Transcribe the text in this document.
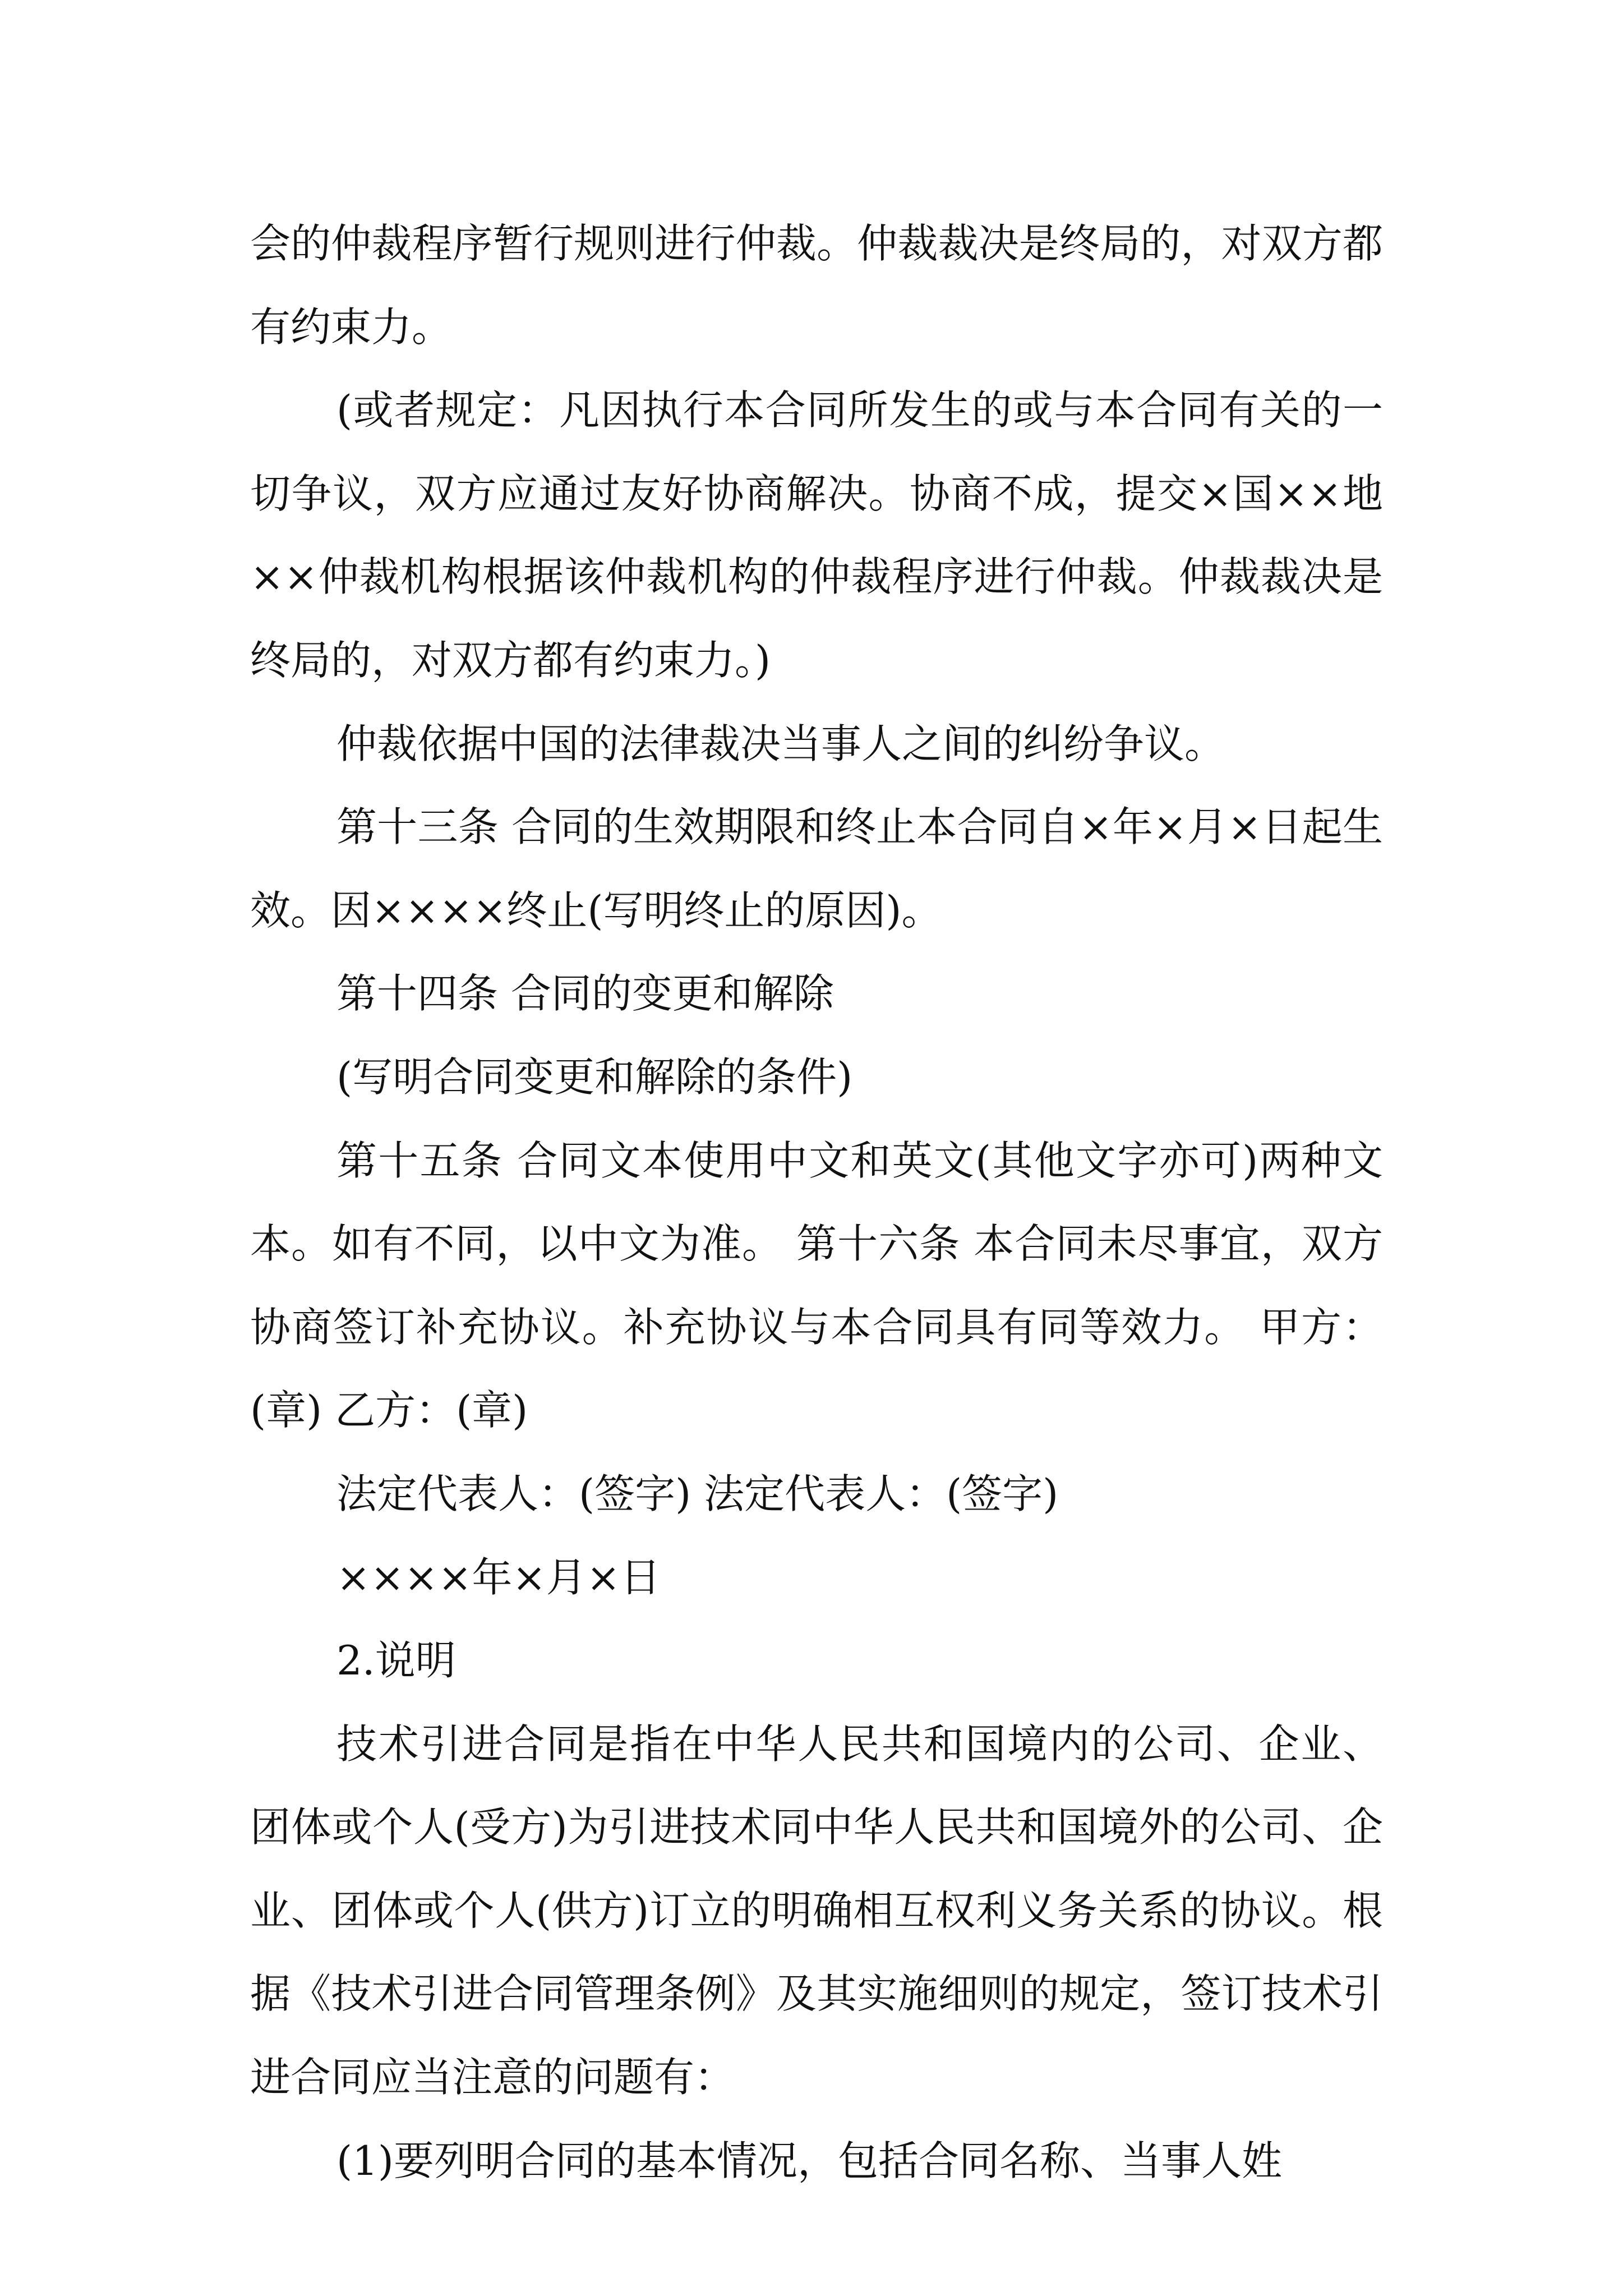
会的仲裁程序暂行规则进行仲裁。仲裁裁决是终局的，对双方都有约束力。

(或者规定：凡因执行本合同所发生的或与本合同有关的一切争议，双方应通过友好协商解决。协商不成，提交×国××地××仲裁机构根据该仲裁机构的仲裁程序进行仲裁。仲裁裁决是终局的，对双方都有约束力。)

仲裁依据中国的法律裁决当事人之间的纠纷争议。

第十三条 合同的生效期限和终止本合同自×年×月×日起生效。因××××终止(写明终止的原因)。

第十四条 合同的变更和解除

(写明合同变更和解除的条件)

第十五条 合同文本使用中文和英文(其他文字亦可)两种文本。如有不同，以中文为准。 第十六条 本合同未尽事宜，双方协商签订补充协议。补充协议与本合同具有同等效力。 甲方：(章) 乙方：(章)

法定代表人：(签字) 法定代表人：(签字)

××××年×月×日

2.说明

技术引进合同是指在中华人民共和国境内的公司、企业、团体或个人(受方)为引进技术同中华人民共和国境外的公司、企业、团体或个人(供方)订立的明确相互权利义务关系的协议。根据《技术引进合同管理条例》及其实施细则的规定，签订技术引进合同应当注意的问题有：

(1)要列明合同的基本情况，包括合同名称、当事人姓
